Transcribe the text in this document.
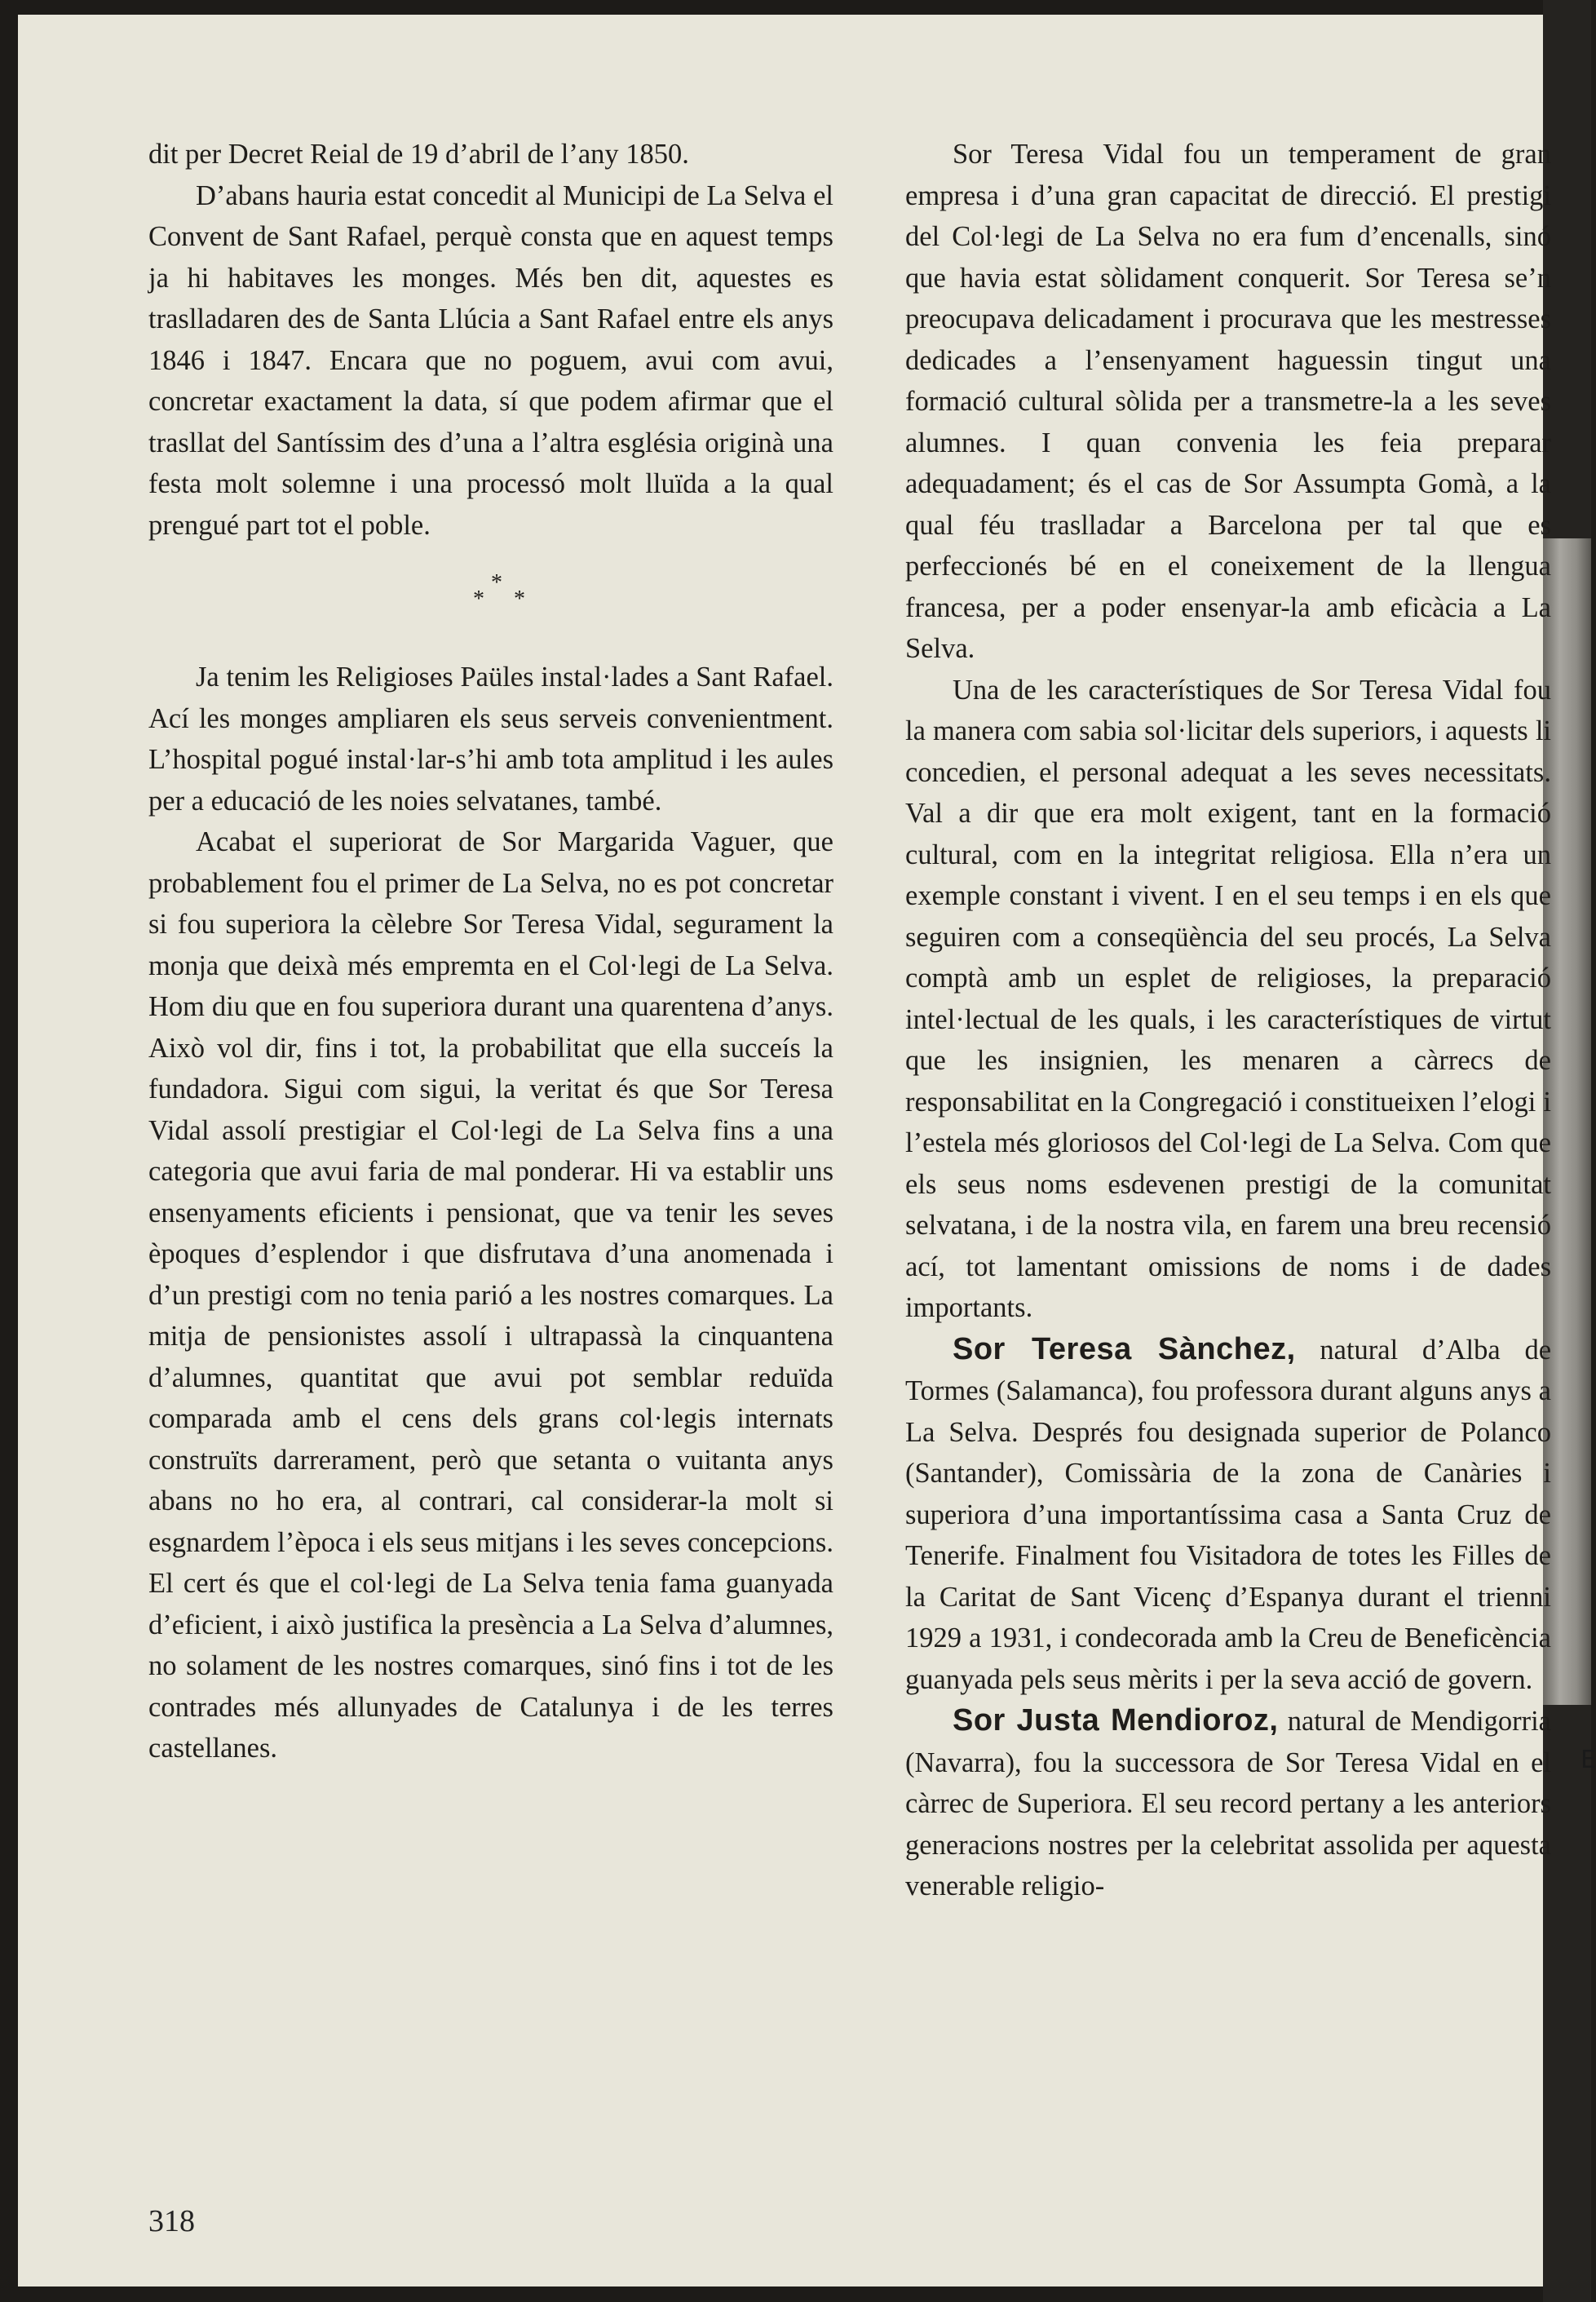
E

dit per Decret Reial de 19 d’abril de l’any 1850.

D’abans hauria estat concedit al Municipi de La Selva el Convent de Sant Rafael, perquè consta que en aquest temps ja hi habitaves les monges. Més ben dit, aquestes es traslladaren des de Santa Llúcia a Sant Rafael entre els anys 1846 i 1847. Encara que no poguem, avui com avui, concretar exactament la data, sí que podem afirmar que el trasllat del Santíssim des d’una a l’altra església originà una festa molt solemne i una processó molt lluïda a la qual prengué part tot el poble.

*
* *

Ja tenim les Religioses Paüles instal·lades a Sant Rafael. Ací les monges ampliaren els seus serveis convenientment. L’hospital pogué instal·lar-s’hi amb tota amplitud i les aules per a educació de les noies selvatanes, també.

Acabat el superiorat de Sor Margarida Vaguer, que probablement fou el primer de La Selva, no es pot concretar si fou superiora la cèlebre Sor Teresa Vidal, segurament la monja que deixà més empremta en el Col·legi de La Selva. Hom diu que en fou superiora durant una quarentena d’anys. Això vol dir, fins i tot, la probabilitat que ella succeís la fundadora. Sigui com sigui, la veritat és que Sor Teresa Vidal assolí prestigiar el Col·legi de La Selva fins a una categoria que avui faria de mal ponderar. Hi va establir uns ensenyaments eficients i pensionat, que va tenir les seves èpoques d’esplendor i que disfrutava d’una anomenada i d’un prestigi com no tenia parió a les nostres comarques. La mitja de pensionistes assolí i ultrapassà la cinquantena d’alumnes, quantitat que avui pot semblar reduïda comparada amb el cens dels grans col·legis internats construïts darrerament, però que setanta o vuitanta anys abans no ho era, al contrari, cal considerar-la molt si esgnardem l’època i els seus mitjans i les seves concepcions. El cert és que el col·legi de La Selva tenia fama guanyada d’eficient, i això justifica la presència a La Selva d’alumnes, no solament de les nostres comarques, sinó fins i tot de les contrades més allunyades de Catalunya i de les terres castellanes.

Sor Teresa Vidal fou un temperament de gran empresa i d’una gran capacitat de direcció. El prestigi del Col·legi de La Selva no era fum d’encenalls, sinó que havia estat sòlidament conquerit. Sor Teresa se’n preocupava delicadament i procurava que les mestresses dedicades a l’ensenyament haguessin tingut una formació cultural sòlida per a transmetre-la a les seves alumnes. I quan convenia les feia preparar adequadament; és el cas de Sor Assumpta Gomà, a la qual féu traslladar a Barcelona per tal que es perfeccionés bé en el coneixement de la llengua francesa, per a poder ensenyar-la amb eficàcia a La Selva.

Una de les característiques de Sor Teresa Vidal fou la manera com sabia sol·licitar dels superiors, i aquests li concedien, el personal adequat a les seves necessitats. Val a dir que era molt exigent, tant en la formació cultural, com en la integritat religiosa. Ella n’era un exemple constant i vivent. I en el seu temps i en els que seguiren com a conseqüència del seu procés, La Selva comptà amb un esplet de religioses, la preparació intel·lectual de les quals, i les característiques de virtut que les insignien, les menaren a càrrecs de responsabilitat en la Congregació i constitueixen l’elogi i l’estela més gloriosos del Col·legi de La Selva. Com que els seus noms esdevenen prestigi de la comunitat selvatana, i de la nostra vila, en farem una breu recensió ací, tot lamentant omissions de noms i de dades importants.

Sor Teresa Sànchez, natural d’Alba de Tormes (Salamanca), fou professora durant alguns anys a La Selva. Després fou designada superior de Polanco (Santander), Comissària de la zona de Canàries i superiora d’una importantíssima casa a Santa Cruz de Tenerife. Finalment fou Visitadora de totes les Filles de la Caritat de Sant Vicenç d’Espanya durant el trienni 1929 a 1931, i condecorada amb la Creu de Beneficència guanyada pels seus mèrits i per la seva acció de govern.

Sor Justa Mendioroz, natural de Mendigorria (Navarra), fou la successora de Sor Teresa Vidal en el càrrec de Superiora. El seu record pertany a les anteriors generacions nostres per la celebritat assolida per aquesta venerable religio-

318
